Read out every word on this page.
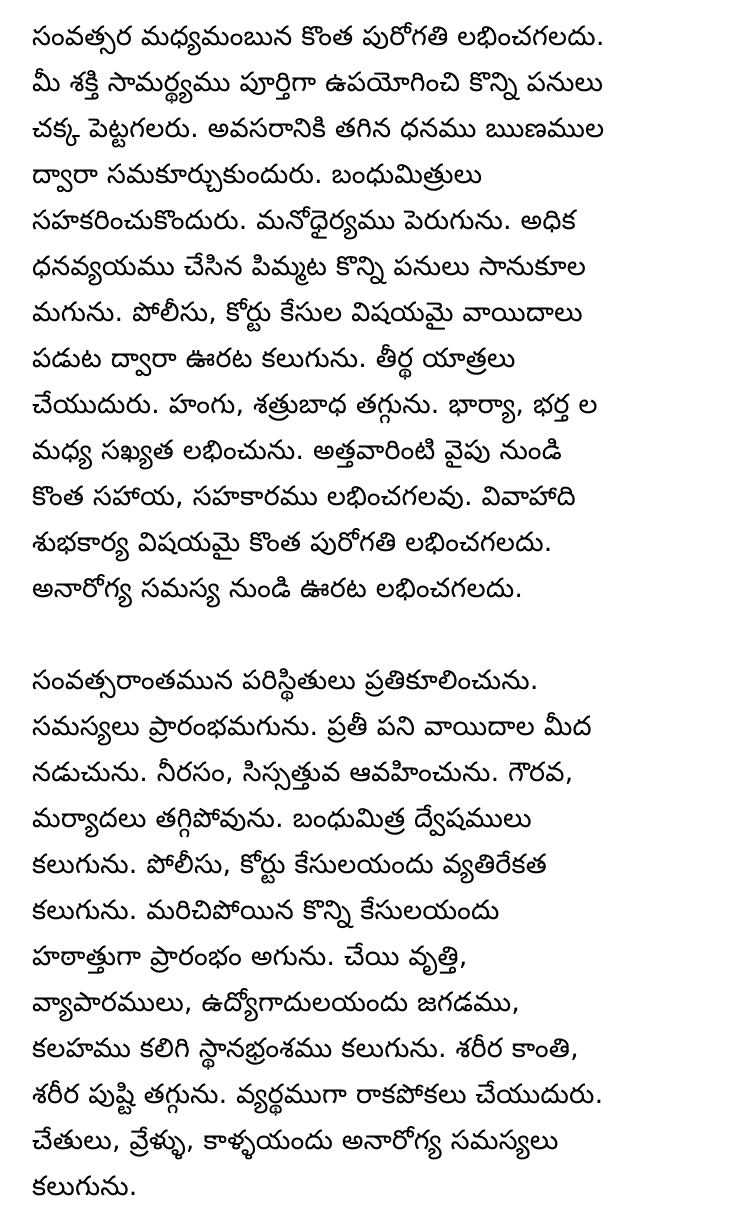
సంవత్సర మధ్యమంబున కొంత పురోగతి లభించగలదు.
మీ శక్తి సామర్థ్యము పూర్తిగా ఉపయోగించి కొన్ని పనులు
చక్క పెట్టగలరు. అవసరానికి తగిన ధనము ఋణముల
ద్వారా సమకూర్చుకుందురు. బంధుమిత్రులు
సహకరించుకొందురు. మనోధైర్యము పెరుగును. అధిక
ధనవ్యయము చేసిన పిమ్మట కొన్ని పనులు సానుకూల
మగును. పోలీసు, కోర్టు కేసుల విషయమై వాయిదాలు
పడుట ద్వారా ఊరట కలుగును. తీర్థ యాత్రలు
చేయుదురు. హంగు, శత్రుబాధ తగ్గును. భార్యా, భర్త ల
మధ్య సఖ్యత లభించును. అత్తవారింటి వైపు నుండి
కొంత సహాయ, సహకారము లభించగలవు. వివాహాది
శుభకార్య విషయమై కొంత పురోగతి లభించగలదు.
అనారోగ్య సమస్య నుండి ఊరట లభించగలదు.
సంవత్సరాంతమున పరిస్థితులు ప్రతికూలించును.
సమస్యలు ప్రారంభమగును. ప్రతీ పని వాయిదాల మీద
నడుచును. నీరసం, సిస్సత్తువ ఆవహించును. గౌరవ,
మర్యాదలు తగ్గిపోవును. బంధుమిత్ర ద్వేషములు
కలుగును. పోలీసు, కోర్టు కేసులయందు వ్యతిరేకత
కలుగును. మరిచిపోయిన కొన్ని కేసులయందు
హఠాత్తుగా ప్రారంభం అగును. చేయి వృత్తి,
వ్యాపారములు, ఉద్యోగాదులయందు జగడము,
కలహము కలిగి స్థానభ్రంశము కలుగును. శరీర కాంతి,
శరీర పుష్టి తగ్గును. వ్యర్థముగా రాకపోకలు చేయుదురు.
చేతులు, వ్రేళ్ళు, కాళ్ళయందు అనారోగ్య సమస్యలు
కలుగును.
